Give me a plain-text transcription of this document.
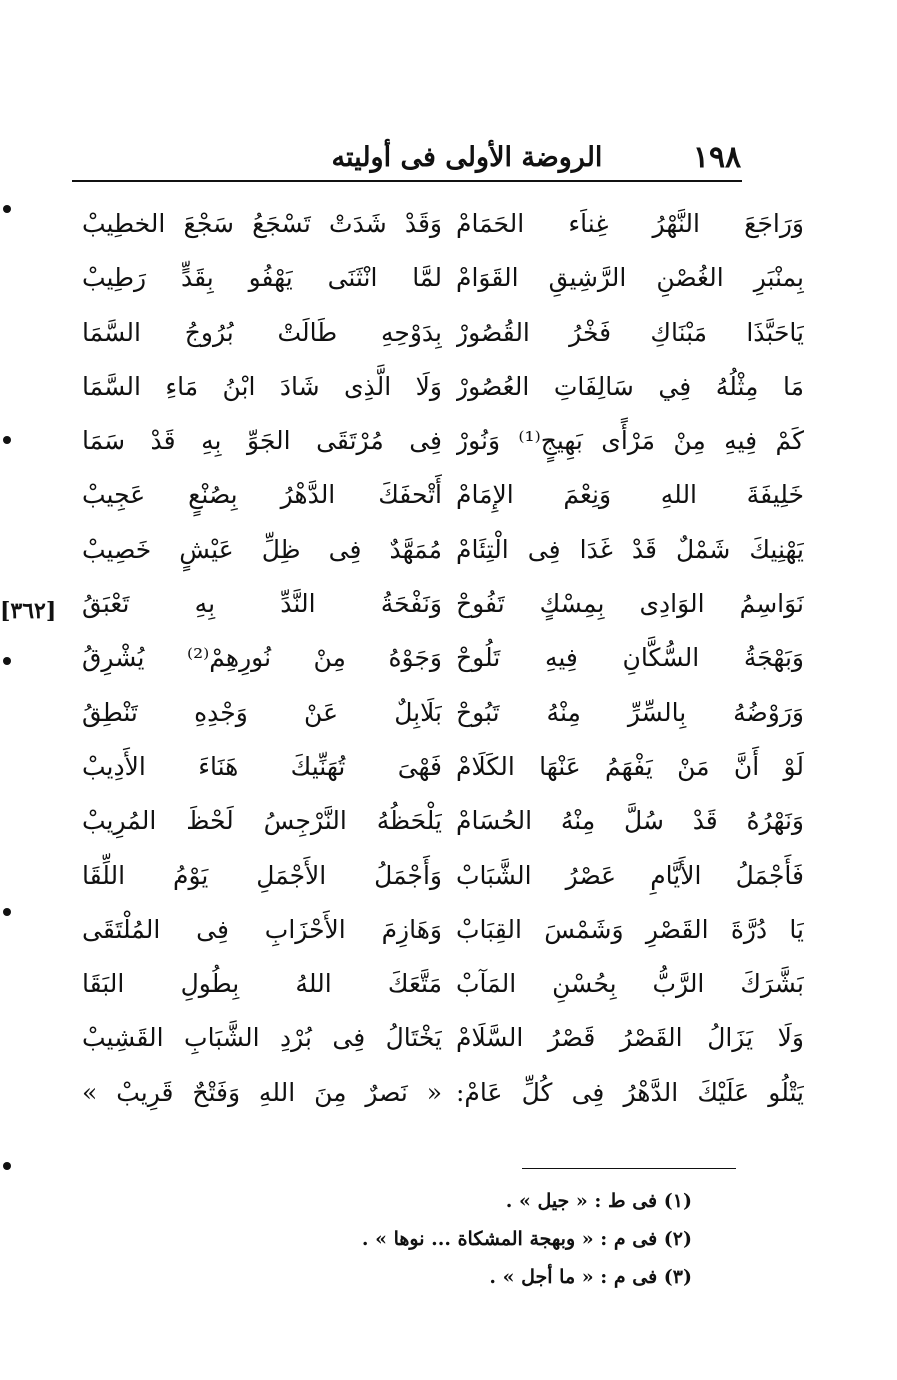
١٩٨
الروضة الأولى فى أوليته
[٣٦٢]
وَرَاجَعَ النَّهْرُ غِناَء الحَمَامْ
وَقَدْ شَدَتْ تَسْجَعُ سَجْعَ الخطِيبْ
بِمنْبَرِ الغُصْنِ الرَّشِيقِ القَوَامْ
لمَّا انْثَنَى يَهْفُو بِقَدٍّ رَطِيبْ
يَاحَبَّذَا مَبْنَاكِ فَخْرُ القُصُورْ
بِدَوْحِهِ طَالَتْ بُرُوجُ السَّمَا
مَا مِثْلُهُ فِي سَالِفَاتِ العُصُورْ
وَلَا الَّذِى شَادَ ابْنُ مَاءِ السَّمَا
كَمْ فِيهِ مِنْ مَرْأًى بَهِيجٍ⁽¹⁾ وَنُورْ
فِى مُرْتَقَى الجَوِّ بِهِ قَدْ سَمَا
خَلِيفَةَ اللهِ وَنِعْمَ الإِمَامْ
أَتْحفَكَ الدَّهْرُ بِصُنْعٍ عَجِيبْ
يَهْنِيكَ شَمْلٌ قَدْ غَدَا فِى الْتِئَامْ
مُمَهَّدٌ فِى ظِلِّ عَيْشٍ خَصِيبْ
نَوَاسِمُ الوَادِى بِمِسْكٍ تَفُوحْ
وَنَفْحَةُ النَّدِّ بِهِ تَعْبَقُ
وَبَهْجَةُ السُّكَّانِ فِيهِ تَلُوحْ
وَجَوْهُ مِنْ نُورِهِمْ⁽²⁾ يُشْرِقُ
وَرَوْضُهُ بِالسِّرِّ مِنْهُ تَبُوحْ
بَلَابِلٌ عَنْ وَجْدِهِ تَنْطِقُ
لَوْ أَنَّ مَنْ يَفْهَمُ عَنْهَا الكَلَامْ
فَهْىَ تُهَنِّيكَ هَنَاءَ الأَدِيبْ
وَنَهْرُهُ قَدْ سُلَّ مِنْهُ الحُسَامْ
يَلْحَظُهُ النَّرْجِسُ لَحْظَ المُرِيبْ
فَأَجْمَلُ الأَيَّامِ عَصْرُ الشَّبَابْ
وَأَجْمَلُ الأَجْمَلِ يَوْمُ اللِّقَا
يَا دُرَّةَ القَصْرِ وَشَمْسَ القِبَابْ
وَهَازِمَ الأَحْزَابِ فِى المُلْتَقَى
بَشَّرَكَ الرَّبُّ بِحُسْنِ المَآبْ
مَتَّعَكَ اللهُ بِطُولِ البَقَا
وَلَا يَزَالُ القَصْرُ قَصْرُ السَّلَامْ
يَخْتَالُ فِى بُرْدِ الشَّبَابِ القَشِيبْ
يَتْلُو عَلَيْكَ الدَّهْرُ فِى كُلِّ عَامْ:
« نَصرٌ مِنَ اللهِ وَفَتْحٌ قَرِيبْ »
(١) فى ط : « جيل » .
(٢) فى م : « وبهجة المشكاة ... نوها » .
(٣) فى م : « ما أجل » .
